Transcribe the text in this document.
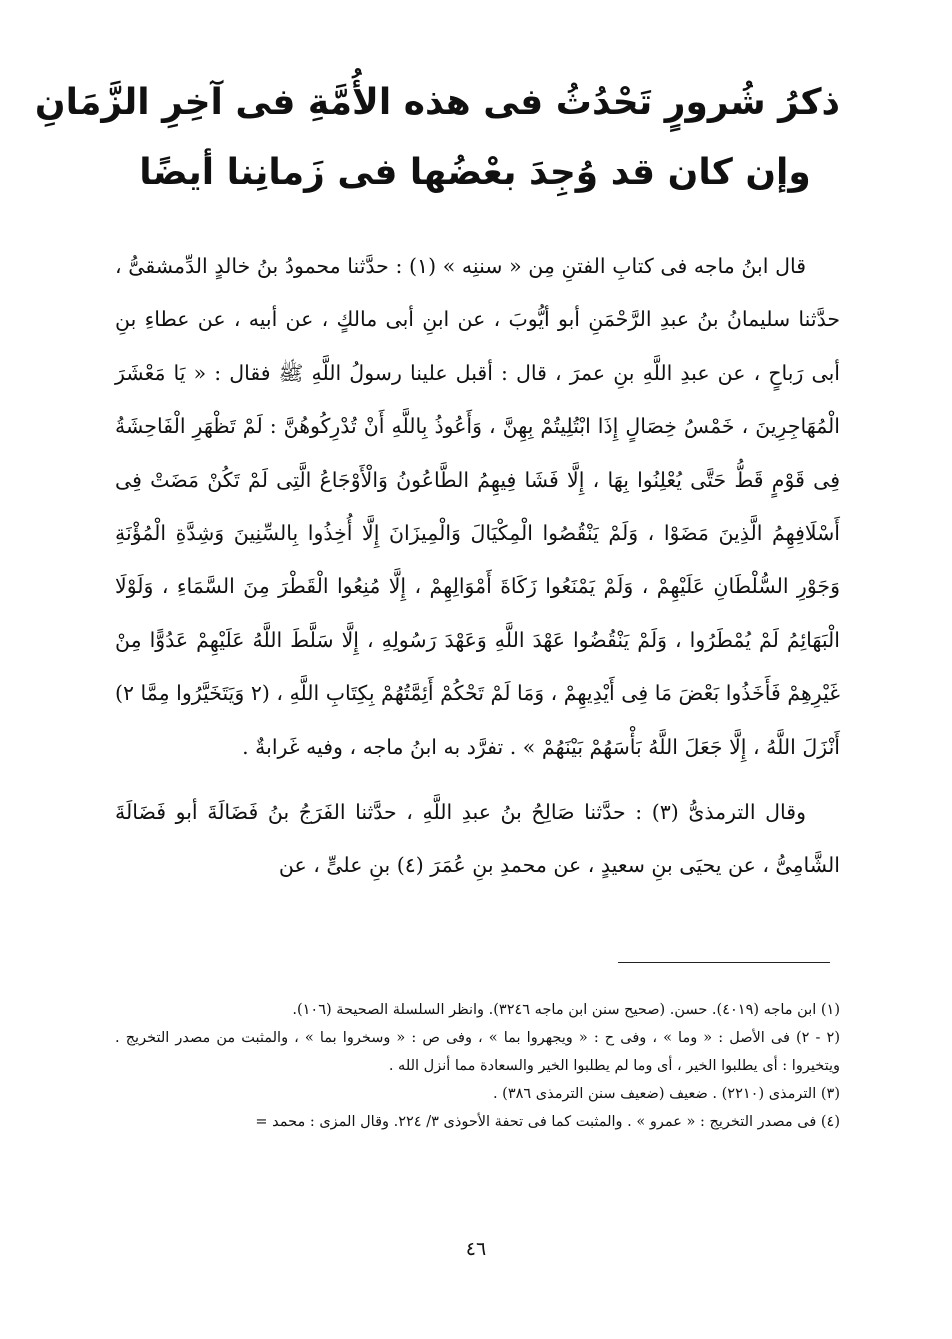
ذكرُ شُرورٍ تَحْدُثُ فى هذه الأُمَّةِ فى آخِرِ الزَّمَانِ
وإن كان قد وُجِدَ بعْضُها فى زَمانِنا أيضًا

قال ابنُ ماجه فى كتابِ الفتنِ مِن « سننِه » (١) : حدَّثنا محمودُ بنُ خالدٍ الدِّمشقىُّ ، حدَّثنا سليمانُ بنُ عبدِ الرَّحْمَنِ أبو أيُّوبَ ، عن ابنِ أبى مالكٍ ، عن أبيه ، عن عطاءِ بنِ أبى رَباحٍ ، عن عبدِ اللَّهِ بنِ عمرَ ، قال : أقبل علينا رسولُ اللَّهِ ﷺ فقال : « يَا مَعْشَرَ الْمُهَاجِرِينَ ، خَمْسُ خِصَالٍ إِذَا ابْتُلِيتُمْ بِهِنَّ ، وَأَعُوذُ بِاللَّهِ أَنْ تُدْرِكُوهُنَّ : لَمْ تَظْهَرِ الْفَاحِشَةُ فِى قَوْمٍ قَطُّ حَتَّى يُعْلِنُوا بِهَا ، إِلَّا فَشَا فِيهِمُ الطَّاعُونُ وَالْأَوْجَاعُ الَّتِى لَمْ تَكُنْ مَضَتْ فِى أَسْلَافِهِمُ الَّذِينَ مَضَوْا ، وَلَمْ يَنْقُصُوا الْمِكْيَالَ وَالْمِيزَانَ إِلَّا أُخِذُوا بِالسِّنِينَ وَشِدَّةِ الْمُؤْنَةِ وَجَوْرِ السُّلْطَانِ عَلَيْهِمْ ، وَلَمْ يَمْنَعُوا زَكَاةَ أَمْوَالِهِمْ ، إِلَّا مُنِعُوا الْقَطْرَ مِنَ السَّمَاءِ ، وَلَوْلَا الْبَهَائِمُ لَمْ يُمْطَرُوا ، وَلَمْ يَنْقُضُوا عَهْدَ اللَّهِ وَعَهْدَ رَسُولِهِ ، إِلَّا سَلَّطَ اللَّهُ عَلَيْهِمْ عَدُوًّا مِنْ غَيْرِهِمْ فَأَخَذُوا بَعْضَ مَا فِى أَيْدِيهِمْ ، وَمَا لَمْ تَحْكُمْ أَئِمَّتُهُمْ بِكِتَابِ اللَّهِ ، (٢ وَيَتَخَيَّرُوا مِمَّا ٢) أَنْزَلَ اللَّهُ ، إِلَّا جَعَلَ اللَّهُ بَأْسَهُمْ بَيْنَهُمْ » . تفرَّد به ابنُ ماجه ، وفيه غَرابةٌ .

وقال الترمذىُّ (٣) : حدَّثنا صَالِحُ بنُ عبدِ اللَّهِ ، حدَّثنا الفَرَجُ بنُ فَضَالَةَ أبو فَضَالَةَ الشَّامِىُّ ، عن يحيَى بنِ سعيدٍ ، عن محمدِ بنِ عُمَرَ (٤) بنِ علىٍّ ، عن

(١) ابن ماجه (٤٠١٩). حسن. (صحيح سنن ابن ماجه ٣٢٤٦). وانظر السلسلة الصحيحة (١٠٦).

(٢ - ٢) فى الأصل : « وما » ، وفى ح : « ويجهروا بما » ، وفى ص : « وسخروا بما » ، والمثبت من مصدر التخريج . ويتخيروا : أى يطلبوا الخير ، أى وما لم يطلبوا الخير والسعادة مما أنزل الله .

(٣) الترمذى (٢٢١٠) . ضعيف (ضعيف سنن الترمذى ٣٨٦) .

(٤) فى مصدر التخريج : « عمرو » . والمثبت كما فى تحفة الأحوذى ٣/ ٢٢٤. وقال المزى : محمد =

٤٦
